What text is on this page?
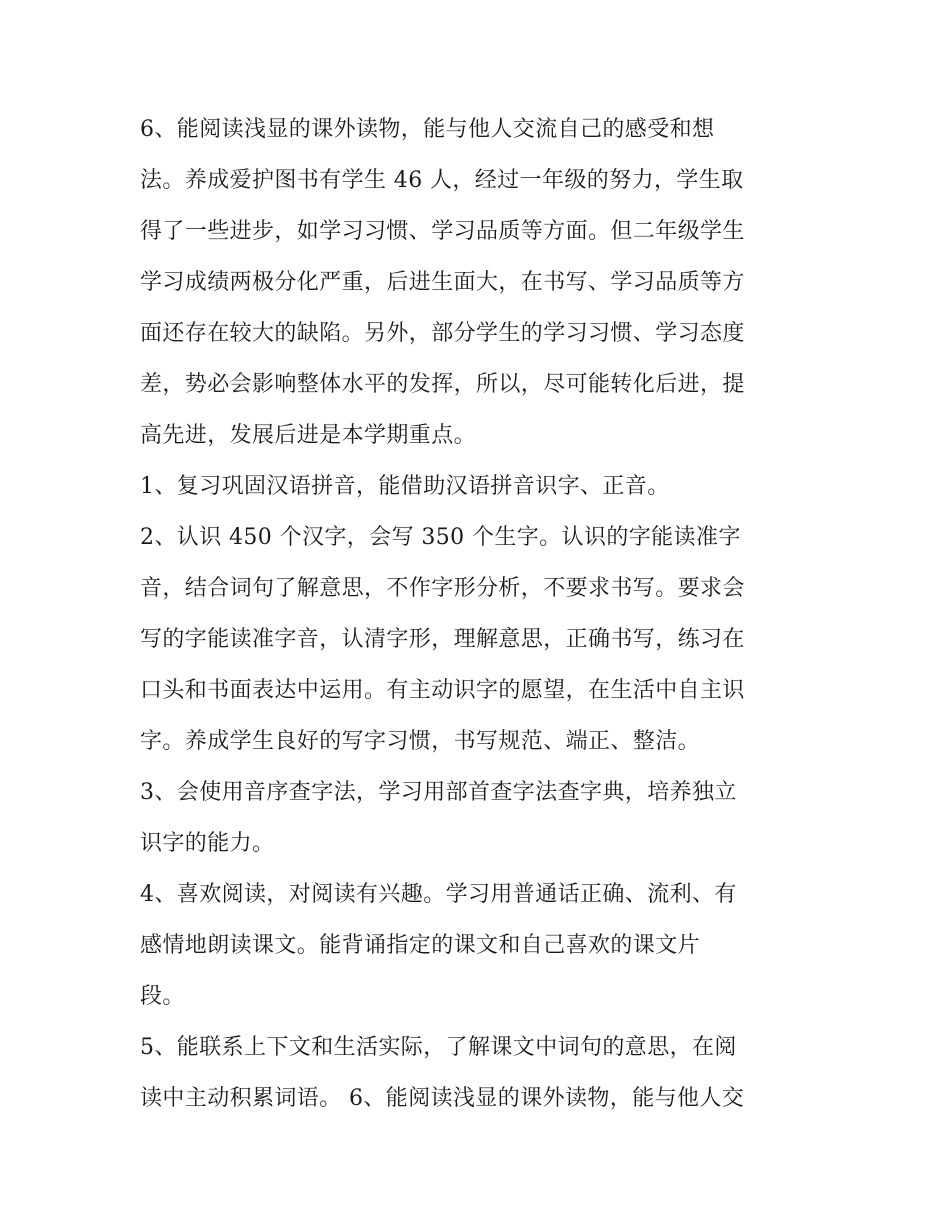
6、能阅读浅显的课外读物，能与他人交流自己的感受和想
法。养成爱护图书有学生 46 人，经过一年级的努力，学生取
得了一些进步，如学习习惯、学习品质等方面。但二年级学生
学习成绩两极分化严重，后进生面大，在书写、学习品质等方
面还存在较大的缺陷。另外，部分学生的学习习惯、学习态度
差，势必会影响整体水平的发挥，所以，尽可能转化后进，提
高先进，发展后进是本学期重点。
1、复习巩固汉语拼音，能借助汉语拼音识字、正音。
2、认识 450 个汉字，会写 350 个生字。认识的字能读准字
音，结合词句了解意思，不作字形分析，不要求书写。要求会
写的字能读准字音，认清字形，理解意思，正确书写，练习在
口头和书面表达中运用。有主动识字的愿望，在生活中自主识
字。养成学生良好的写字习惯，书写规范、端正、整洁。
3、会使用音序查字法，学习用部首查字法查字典，培养独立
识字的能力。
4、喜欢阅读，对阅读有兴趣。学习用普通话正确、流利、有
感情地朗读课文。能背诵指定的课文和自己喜欢的课文片
段。
5、能联系上下文和生活实际，了解课文中词句的意思，在阅
读中主动积累词语。 6、能阅读浅显的课外读物，能与他人交
